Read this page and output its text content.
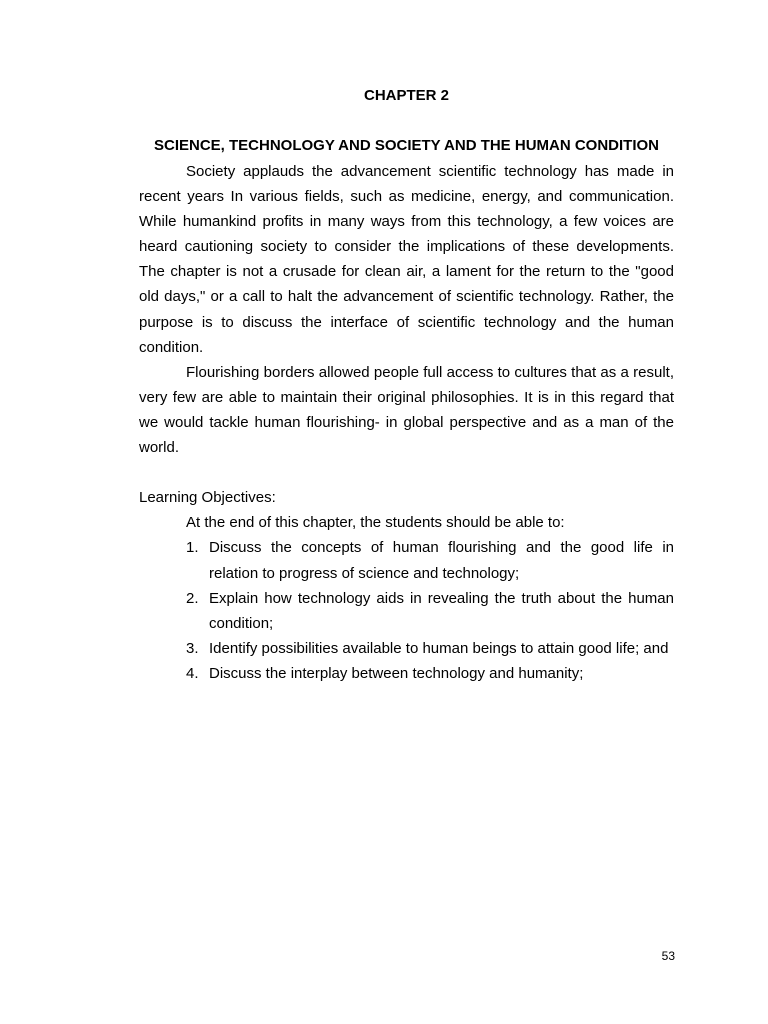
CHAPTER 2
SCIENCE, TECHNOLOGY AND SOCIETY AND THE HUMAN CONDITION

Society applauds the advancement scientific technology has made in recent years In various fields, such as medicine, energy, and communication. While humankind profits in many ways from this technology, a few voices are heard cautioning society to consider the implications of these developments. The chapter is not a crusade for clean air, a lament for the return to the "good old days," or a call to halt the advancement of scientific technology. Rather, the purpose is to discuss the interface of scientific technology and the human condition.

Flourishing borders allowed people full access to cultures that as a result, very few are able to maintain their original philosophies. It is in this regard that we would tackle human flourishing- in global perspective and as a man of the world.

Learning Objectives:
At the end of this chapter, the students should be able to:
1. Discuss the concepts of human flourishing and the good life in relation to progress of science and technology;
2. Explain how technology aids in revealing the truth about the human condition;
3. Identify possibilities available to human beings to attain good life; and
4. Discuss the interplay between technology and humanity;
53
